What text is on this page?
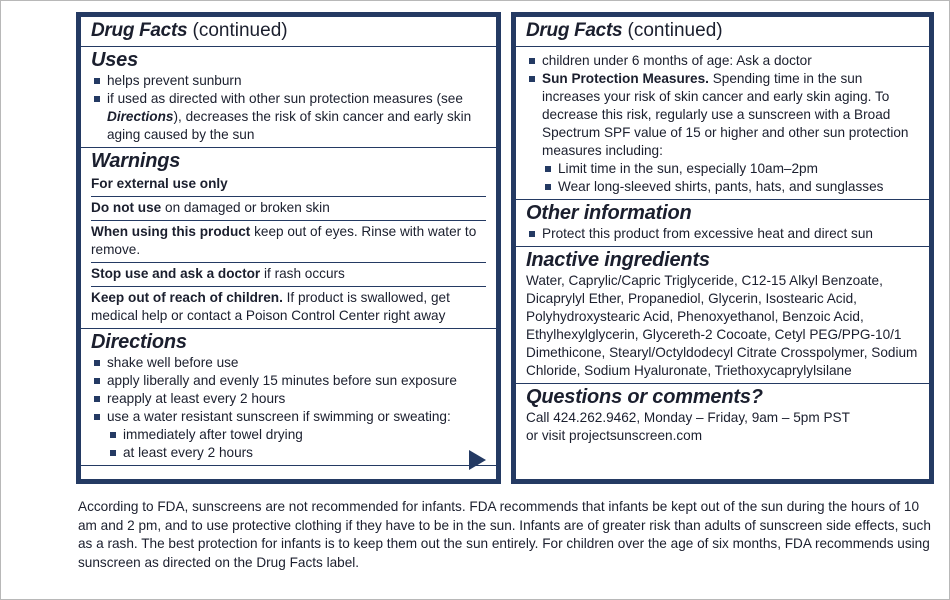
Drug Facts (continued)

Uses

helps prevent sunburn
if used as directed with other sun protection measures (see Directions), decreases the risk of skin cancer and early skin aging caused by the sun

Warnings

For external use only
Do not use on damaged or broken skin
When using this product keep out of eyes. Rinse with water to remove.
Stop use and ask a doctor if rash occurs
Keep out of reach of children. If product is swallowed, get medical help or contact a Poison Control Center right away

Directions

shake well before use
apply liberally and evenly 15 minutes before sun exposure
reapply at least every 2 hours
use a water resistant sunscreen if swimming or sweating:
immediately after towel drying
at least every 2 hours

Drug Facts (continued)

children under 6 months of age: Ask a doctor
Sun Protection Measures. Spending time in the sun increases your risk of skin cancer and early skin aging. To decrease this risk, regularly use a sunscreen with a Broad Spectrum SPF value of 15 or higher and other sun protection measures including:
Limit time in the sun, especially 10am–2pm
Wear long-sleeved shirts, pants, hats, and sunglasses

Other information

Protect this product from excessive heat and direct sun

Inactive ingredients

Water, Caprylic/Capric Triglyceride, C12-15 Alkyl Benzoate, Dicaprylyl Ether, Propanediol, Glycerin, Isostearic Acid, Polyhydroxystearic Acid, Phenoxyethanol, Benzoic Acid, Ethylhexylglycerin, Glycereth-2 Cocoate, Cetyl PEG/PPG-10/1 Dimethicone, Stearyl/Octyldodecyl Citrate Crosspolymer, Sodium Chloride, Sodium Hyaluronate, Triethoxycaprylylsilane

Questions or comments?

Call 424.262.9462, Monday – Friday, 9am – 5pm PST
or visit projectsunscreen.com
According to FDA, sunscreens are not recommended for infants. FDA recommends that infants be kept out of the sun during the hours of 10 am and 2 pm, and to use protective clothing if they have to be in the sun. Infants are of greater risk than adults of sunscreen side effects, such as a rash. The best protection for infants is to keep them out the sun entirely. For children over the age of six months, FDA recommends using sunscreen as directed on the Drug Facts label.
